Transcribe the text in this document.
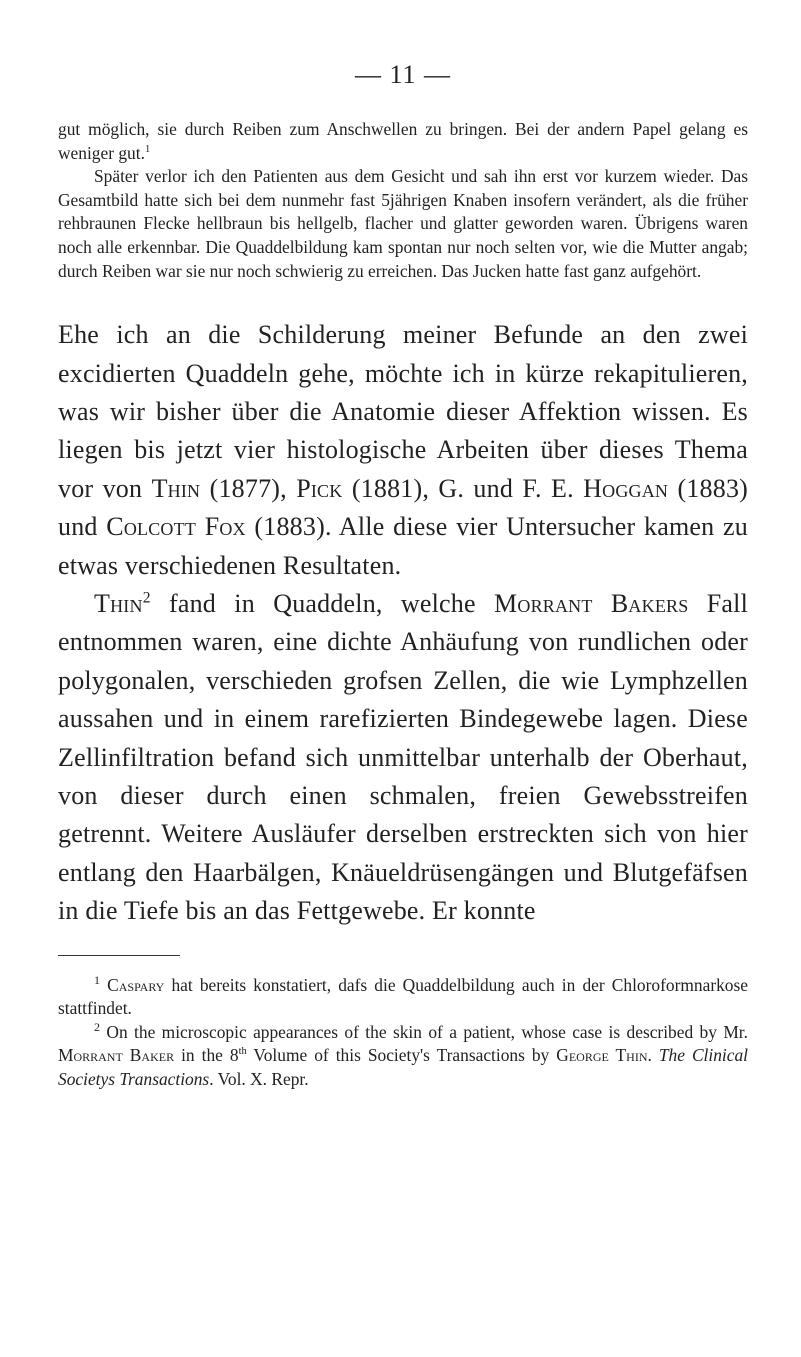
— 11 —

gut möglich, sie durch Reiben zum Anschwellen zu bringen. Bei der andern Papel gelang es weniger gut.$^1$

Später verlor ich den Patienten aus dem Gesicht und sah ihn erst vor kurzem wieder. Das Gesamtbild hatte sich bei dem nunmehr fast 5jährigen Knaben insofern verändert, als die früher rehbraunen Flecke hellbraun bis hellgelb, flacher und glatter geworden waren. Übrigens waren noch alle erkennbar. Die Quaddelbildung kam spontan nur noch selten vor, wie die Mutter angab; durch Reiben war sie nur noch schwierig zu erreichen. Das Jucken hatte fast ganz aufgehört.

Ehe ich an die Schilderung meiner Befunde an den zwei excidierten Quaddeln gehe, möchte ich in kürze rekapitulieren, was wir bisher über die Anatomie dieser Affektion wissen. Es liegen bis jetzt vier histologische Arbeiten über dieses Thema vor von Thin (1877), Pick (1881), G. und F. E. Hoggan (1883) und Colcott Fox (1883). Alle diese vier Untersucher kamen zu etwas verschiedenen Resultaten.

Thin$^2$ fand in Quaddeln, welche Morrant Bakers Fall entnommen waren, eine dichte Anhäufung von rundlichen oder polygonalen, verschieden grofsen Zellen, die wie Lymphzellen aussahen und in einem rarefizierten Bindegewebe lagen. Diese Zellinfiltration befand sich unmittelbar unterhalb der Oberhaut, von dieser durch einen schmalen, freien Gewebsstreifen getrennt. Weitere Ausläufer derselben erstreckten sich von hier entlang den Haarbälgen, Knäueldrüsengängen und Blutgefäfsen in die Tiefe bis an das Fettgewebe. Er konnte

$^1$ Caspary hat bereits konstatiert, dafs die Quaddelbildung auch in der Chloroformnarkose stattfindet.

$^2$ On the microscopic appearances of the skin of a patient, whose case is described by Mr. Morrant Baker in the 8th Volume of this Society's Transactions by George Thin. The Clinical Societys Transactions. Vol. X. Repr.
